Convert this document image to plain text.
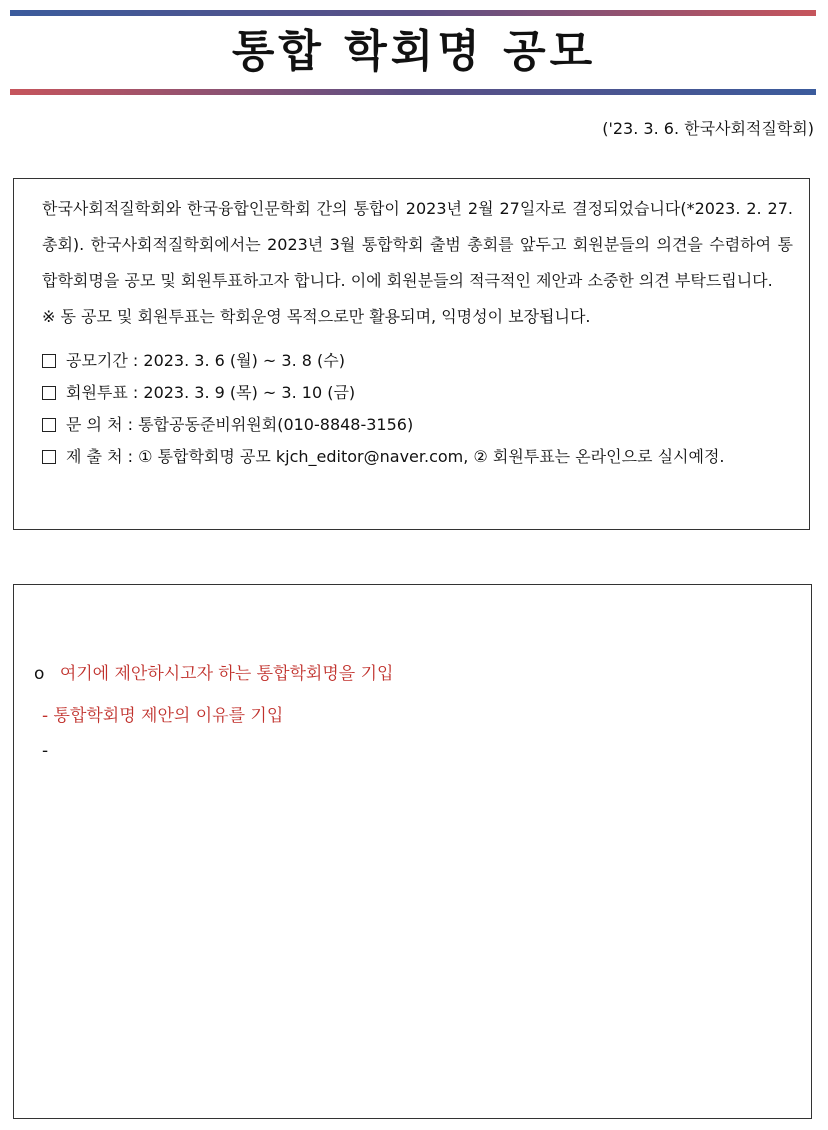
통합 학회명 공모
('23. 3. 6. 한국사회적질학회)

한국사회적질학회와 한국융합인문학회 간의 통합이 2023년 2월 27일자로 결정되었습니다(*2023. 2. 27. 총회). 한국사회적질학회에서는 2023년 3월 통합학회 출범 총회를 앞두고 회원분들의 의견을 수렴하여 통합학회명을 공모 및 회원투표하고자 합니다. 이에 회원분들의 적극적인 제안과 소중한 의견 부탁드립니다.

※ 동 공모 및 회원투표는 학회운영 목적으로만 활용되며, 익명성이 보장됩니다.

공모기간 : 2023. 3. 6 (월) ~ 3. 8 (수)
회원투표 : 2023. 3. 9 (목) ~ 3. 10 (금)
문 의 처 : 통합공동준비위원회(010-8848-3156)
제 출 처 : ① 통합학회명 공모 kjch_editor@naver.com, ② 회원투표는 온라인으로 실시예정.
o 여기에 제안하시고자 하는 통합학회명을 기입
- 통합학회명 제안의 이유를 기입
-
